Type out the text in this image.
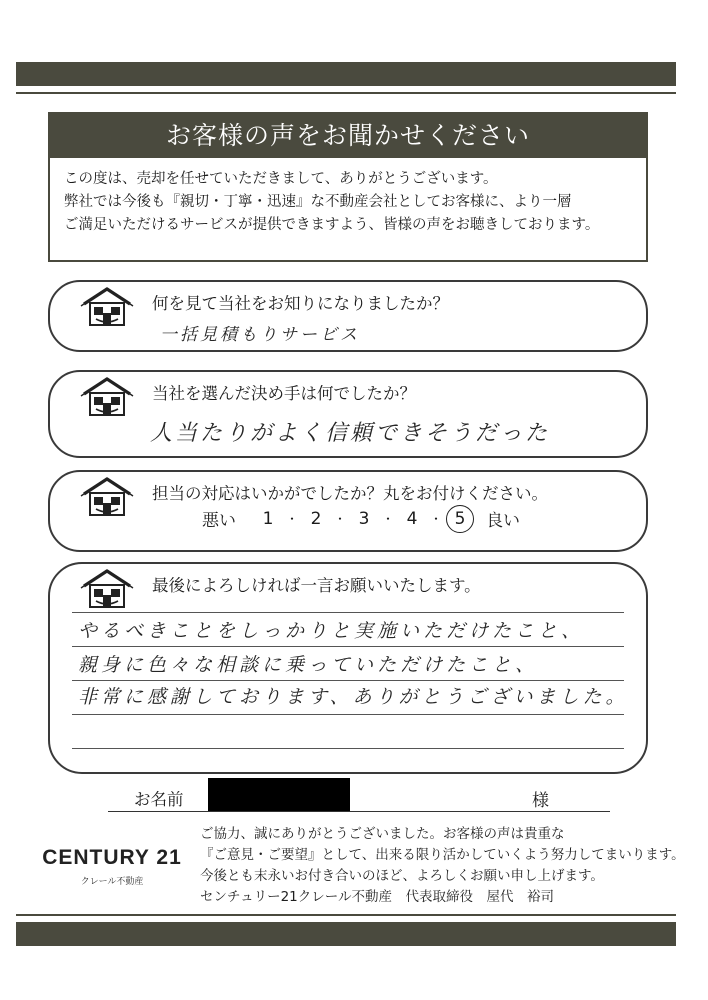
お客様の声をお聞かせください
この度は、売却を任せていただきまして、ありがとうございます。
弊社では今後も『親切・丁寧・迅速』な不動産会社としてお客様に、より一層
ご満足いただけるサービスが提供できますよう、皆様の声をお聴きしております。
何を見て当社をお知りになりましたか？
一括見積もりサービス
当社を選んだ決め手は何でしたか？
人当たりがよく信頼できそうだった
担当の対応はいかがでしたか？丸をお付けください。
悪い 1 ・ 2 ・ 3 ・ 4 ・ 5 良い
最後によろしければ一言お願いいたします。
やるべきことをしっかりと実施いただけたこと、
親身に色々な相談に乗っていただけたこと、
非常に感謝しております、ありがとうございました。
お名前	様
CENTURY 21
クレール不動産
ご協力、誠にありがとうございました。お客様の声は貴重な
『ご意見・ご要望』として、出来る限り活かしていくよう努力してまいります。
今後とも末永いお付き合いのほど、よろしくお願い申し上げます。
センチュリー21クレール不動産　代表取締役　屋代　裕司
